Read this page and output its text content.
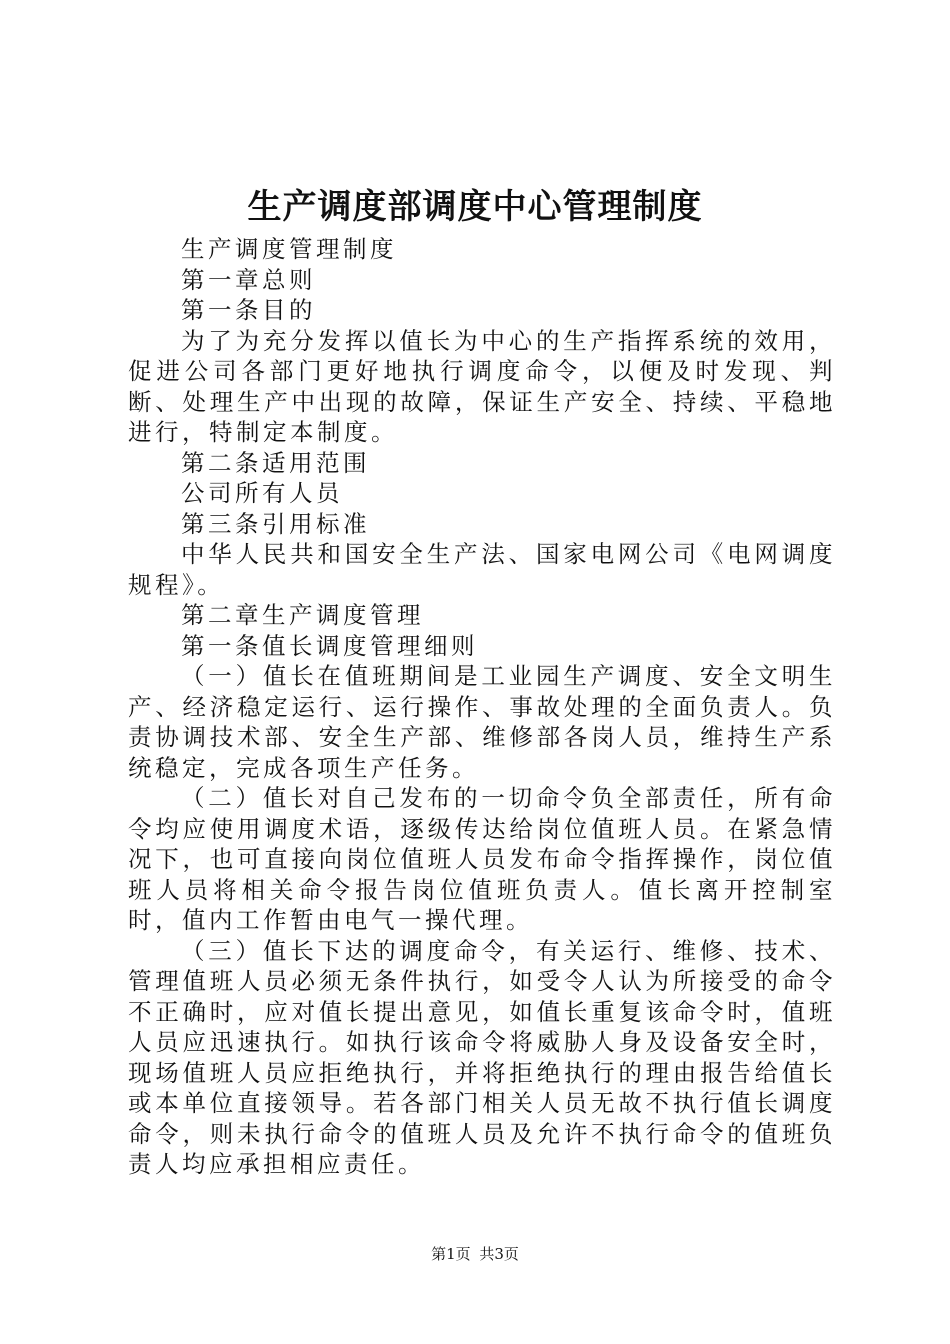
生产调度部调度中心管理制度

生产调度管理制度

第一章总则

第一条目的

为了为充分发挥以值长为中心的生产指挥系统的效用，促进公司各部门更好地执行调度命令，以便及时发现、判断、处理生产中出现的故障，保证生产安全、持续、平稳地进行，特制定本制度。

第二条适用范围

公司所有人员

第三条引用标准

中华人民共和国安全生产法、国家电网公司《电网调度规程》。

第二章生产调度管理

第一条值长调度管理细则

（一）值长在值班期间是工业园生产调度、安全文明生产、经济稳定运行、运行操作、事故处理的全面负责人。负责协调技术部、安全生产部、维修部各岗人员，维持生产系统稳定，完成各项生产任务。

（二）值长对自己发布的一切命令负全部责任，所有命令均应使用调度术语，逐级传达给岗位值班人员。在紧急情况下，也可直接向岗位值班人员发布命令指挥操作，岗位值班人员将相关命令报告岗位值班负责人。值长离开控制室时，值内工作暂由电气一操代理。

（三）值长下达的调度命令，有关运行、维修、技术、管理值班人员必须无条件执行，如受令人认为所接受的命令不正确时，应对值长提出意见，如值长重复该命令时，值班人员应迅速执行。如执行该命令将威胁人身及设备安全时，现场值班人员应拒绝执行，并将拒绝执行的理由报告给值长或本单位直接领导。若各部门相关人员无故不执行值长调度命令，则未执行命令的值班人员及允许不执行命令的值班负责人均应承担相应责任。

第1页 共3页
